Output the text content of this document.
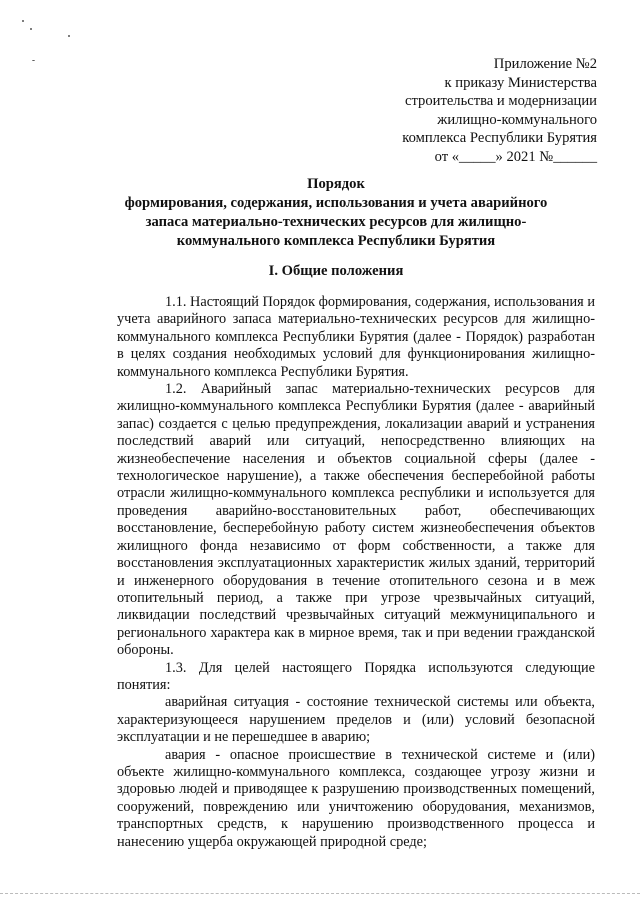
Приложение №2
к приказу Министерства
строительства и модернизации
жилищно-коммунального
комплекса Республики Бурятия
от «_____» 2021 №______
Порядок
формирования, содержания, использования и учета аварийного
запаса материально-технических ресурсов для жилищно-
коммунального комплекса Республики Бурятия
I. Общие положения

1.1. Настоящий Порядок формирования, содержания, использования и учета аварийного запаса материально-технических ресурсов для жилищно-коммунального комплекса Республики Бурятия (далее - Порядок) разработан в целях создания необходимых условий для функционирования жилищно-коммунального комплекса Республики Бурятия.

1.2. Аварийный запас материально-технических ресурсов для жилищно-коммунального комплекса Республики Бурятия (далее - аварийный запас) создается с целью предупреждения, локализации аварий и устранения последствий аварий или ситуаций, непосредственно влияющих на жизнеобеспечение населения и объектов социальной сферы (далее - технологическое нарушение), а также обеспечения бесперебойной работы отрасли жилищно-коммунального комплекса республики и используется для проведения аварийно-восстановительных работ, обеспечивающих восстановление, бесперебойную работу систем жизнеобеспечения объектов жилищного фонда независимо от форм собственности, а также для восстановления эксплуатационных характеристик жилых зданий, территорий и инженерного оборудования в течение отопительного сезона и в меж отопительный период, а также при угрозе чрезвычайных ситуаций, ликвидации последствий чрезвычайных ситуаций межмуниципального и регионального характера как в мирное время, так и при ведении гражданской обороны.

1.3. Для целей настоящего Порядка используются следующие понятия:

аварийная ситуация - состояние технической системы или объекта, характеризующееся нарушением пределов и (или) условий безопасной эксплуатации и не перешедшее в аварию;

авария - опасное происшествие в технической системе и (или) объекте жилищно-коммунального комплекса, создающее угрозу жизни и здоровью людей и приводящее к разрушению производственных помещений, сооружений, повреждению или уничтожению оборудования, механизмов, транспортных средств, к нарушению производственного процесса и нанесению ущерба окружающей природной среде;
